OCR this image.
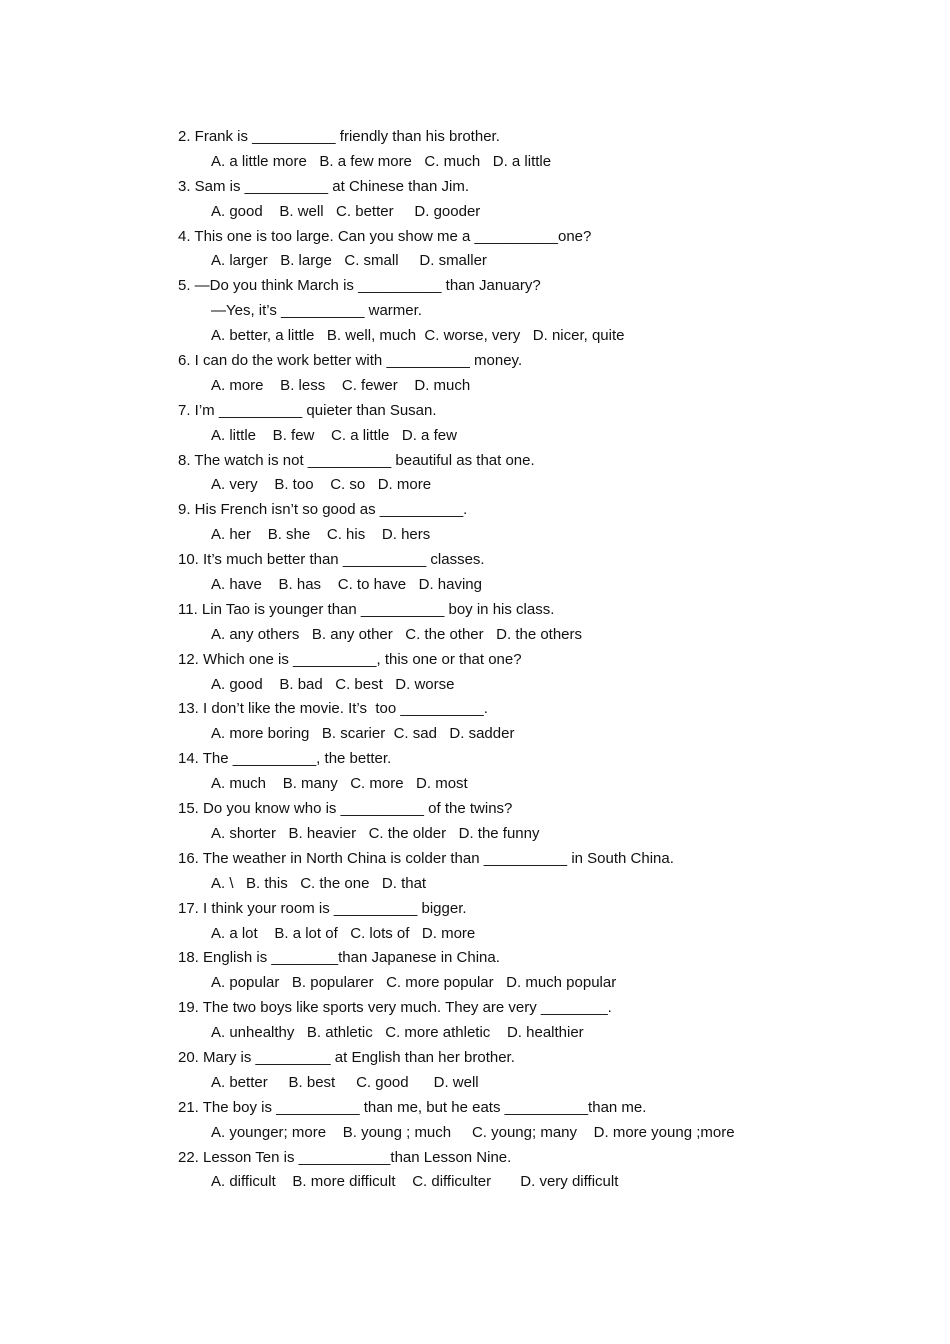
2. Frank is __________ friendly than his brother.
A. a little more   B. a few more   C. much   D. a little
3. Sam is __________ at Chinese than Jim.
A. good    B. well   C. better     D. gooder
4. This one is too large. Can you show me a __________one?
A. larger   B. large   C. small     D. smaller
5. —Do you think March is __________ than January?
—Yes, it’s __________ warmer.
A. better, a little   B. well, much  C. worse, very   D. nicer, quite
6. I can do the work better with __________ money.
A. more    B. less    C. fewer    D. much
7. I’m __________ quieter than Susan.
A. little    B. few    C. a little   D. a few
8. The watch is not __________ beautiful as that one.
A. very    B. too    C. so   D. more
9. His French isn’t so good as __________.
A. her    B. she    C. his    D. hers
10. It’s much better than __________ classes.
A. have    B. has    C. to have   D. having
11. Lin Tao is younger than __________ boy in his class.
A. any others   B. any other   C. the other   D. the others
12. Which one is __________, this one or that one?
A. good    B. bad   C. best   D. worse
13. I don’t like the movie. It’s  too __________.
A. more boring   B. scarier  C. sad   D. sadder
14. The __________, the better.
A. much    B. many   C. more   D. most
15. Do you know who is __________ of the twins?
A. shorter   B. heavier   C. the older   D. the funny
16. The weather in North China is colder than __________ in South China.
A. \   B. this   C. the one   D. that
17. I think your room is __________ bigger.
A. a lot    B. a lot of   C. lots of   D. more
18. English is ________than Japanese in China.
A. popular   B. popularer   C. more popular   D. much popular
19. The two boys like sports very much. They are very ________.
A. unhealthy   B. athletic   C. more athletic    D. healthier
20. Mary is _________ at English than her brother.
A. better     B. best     C. good      D. well
21. The boy is __________ than me, but he eats __________than me.
A. younger; more    B. young ; much     C. young; many    D. more young ;more
22. Lesson Ten is ___________than Lesson Nine.
A. difficult    B. more difficult    C. difficulter       D. very difficult
